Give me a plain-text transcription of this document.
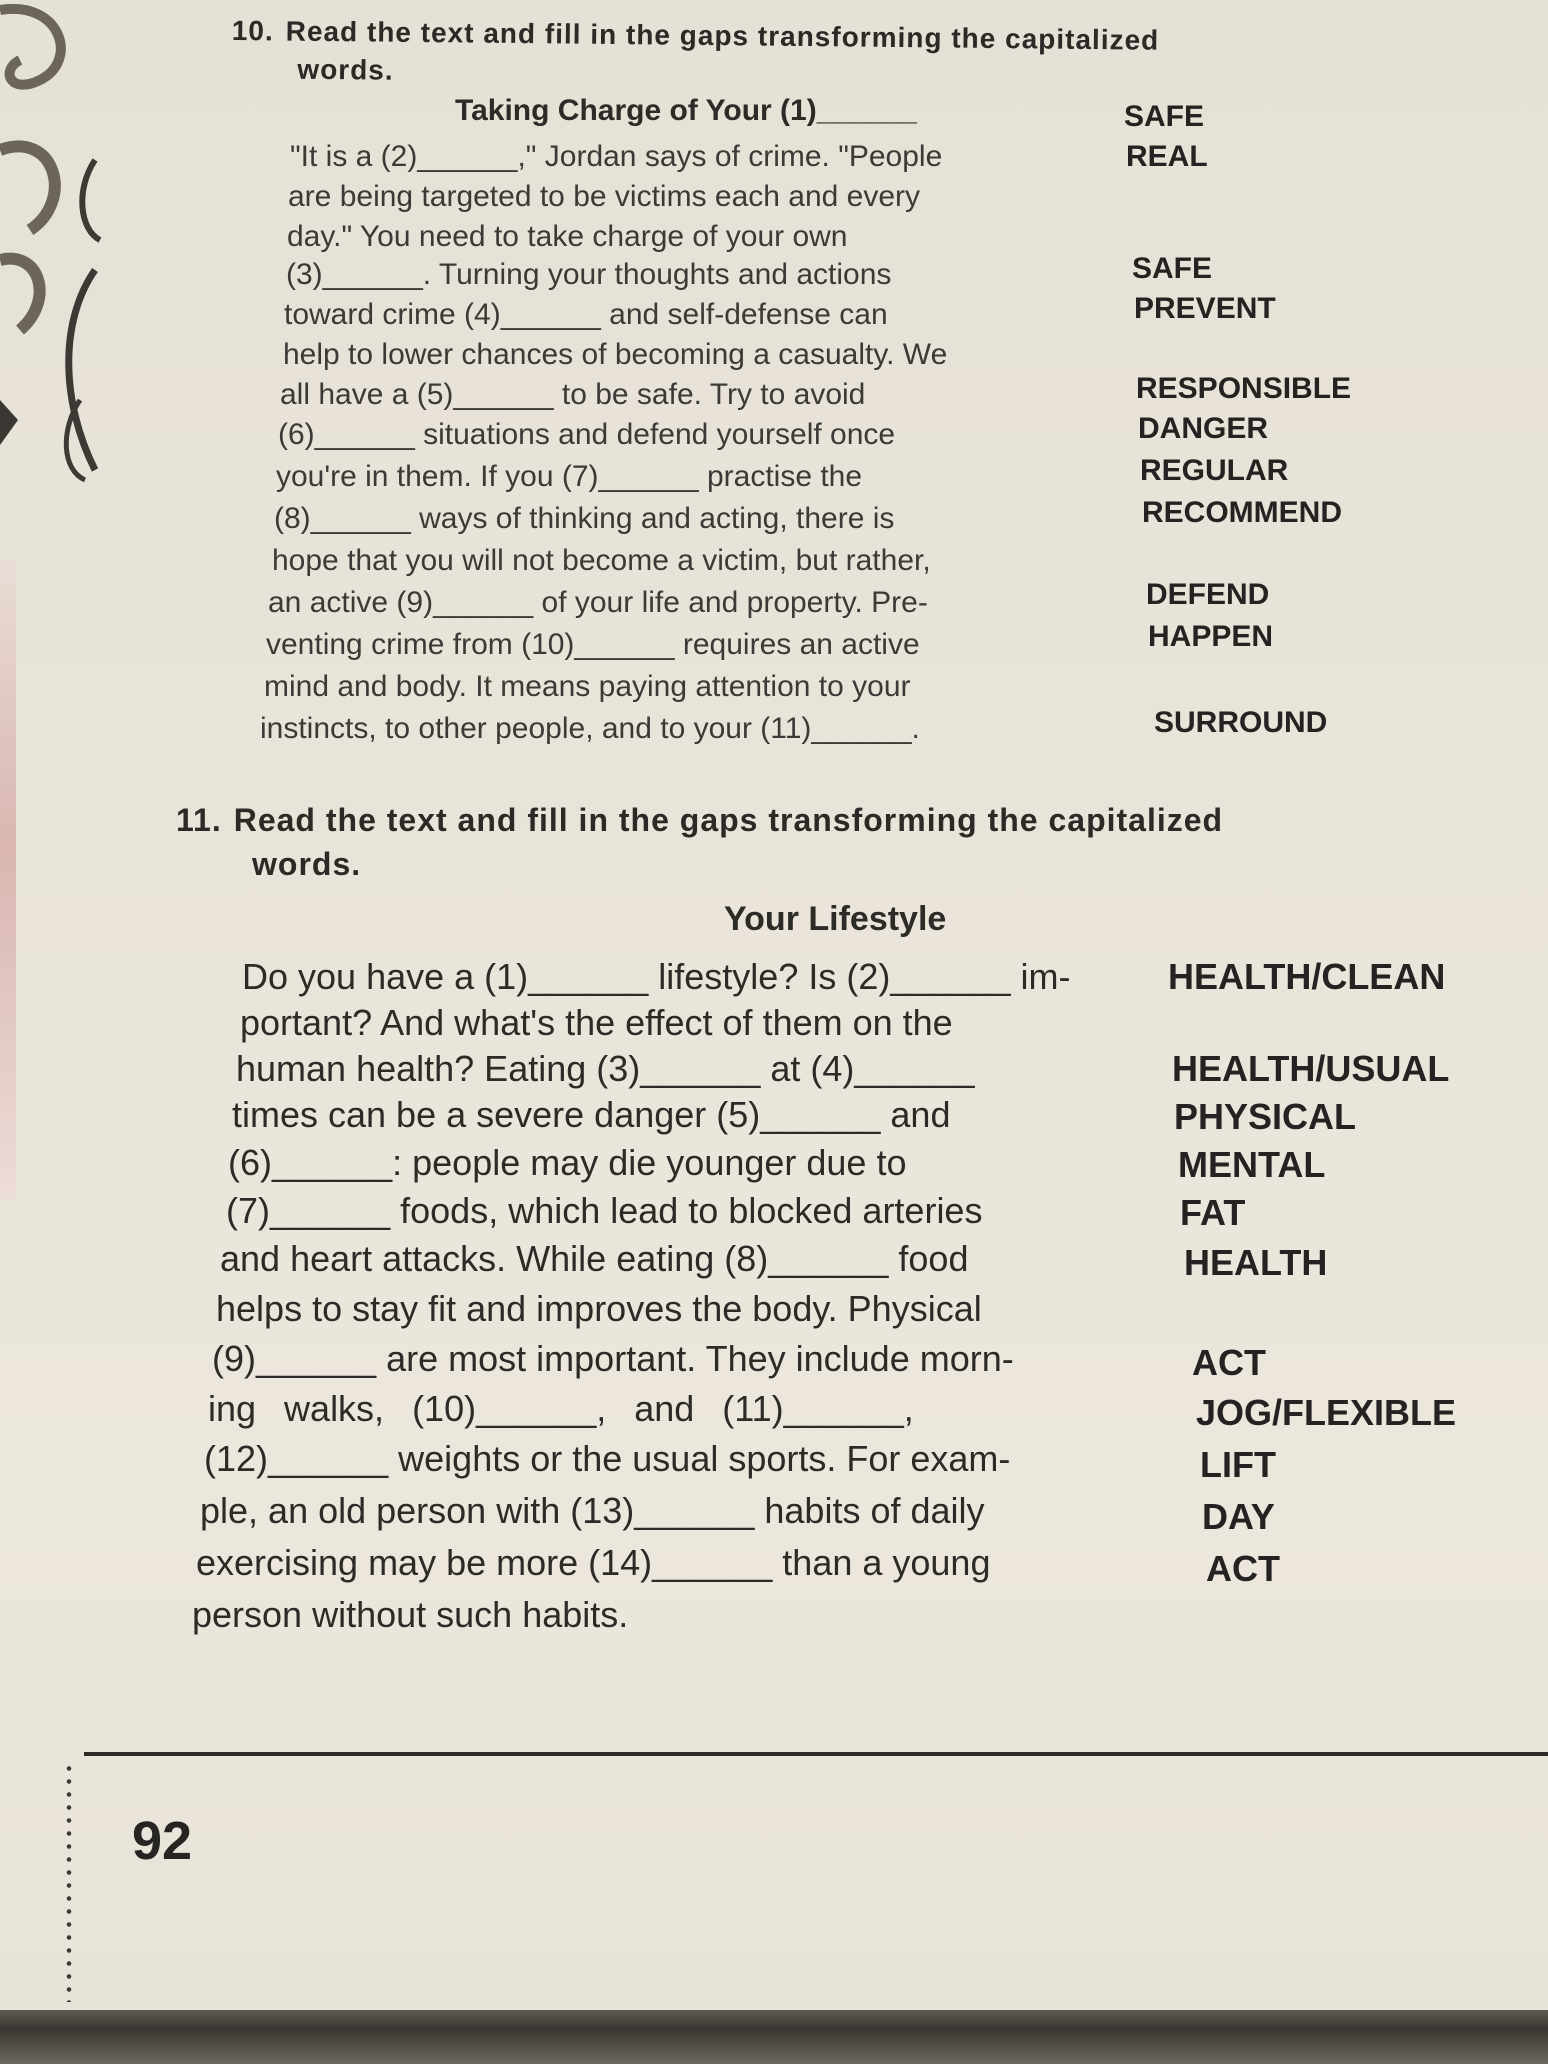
10. Read the text and fill in the gaps transforming the capitalized
words.
Taking Charge of Your (1)______
"It is a (2)______," Jordan says of crime. "People
are being targeted to be victims each and every
day." You need to take charge of your own
(3)______. Turning your thoughts and actions
toward crime (4)______ and self-defense can
help to lower chances of becoming a casualty. We
all have a (5)______ to be safe. Try to avoid
(6)______ situations and defend yourself once
you're in them. If you (7)______ practise the
(8)______ ways of thinking and acting, there is
hope that you will not become a victim, but rather,
an active (9)______ of your life and property. Pre-
venting crime from (10)______ requires an active
mind and body. It means paying attention to your
instincts, to other people, and to your (11)______.
SAFE
REAL
SAFE
PREVENT
RESPONSIBLE
DANGER
REGULAR
RECOMMEND
DEFEND
HAPPEN
SURROUND
11. Read the text and fill in the gaps transforming the capitalized
words.
Your Lifestyle
Do you have a (1)______ lifestyle? Is (2)______ im-
portant? And what's the effect of them on the
human health? Eating (3)______ at (4)______
times can be a severe danger (5)______ and
(6)______: people may die younger due to
(7)______ foods, which lead to blocked arteries
and heart attacks. While eating (8)______ food
helps to stay fit and improves the body. Physical
(9)______ are most important. They include morn-
ing walks, (10)______, and (11)______,
(12)______ weights or the usual sports. For exam-
ple, an old person with (13)______ habits of daily
exercising may be more (14)______ than a young
person without such habits.
HEALTH/CLEAN
HEALTH/USUAL
PHYSICAL
MENTAL
FAT
HEALTH
ACT
JOG/FLEXIBLE
LIFT
DAY
ACT
92
